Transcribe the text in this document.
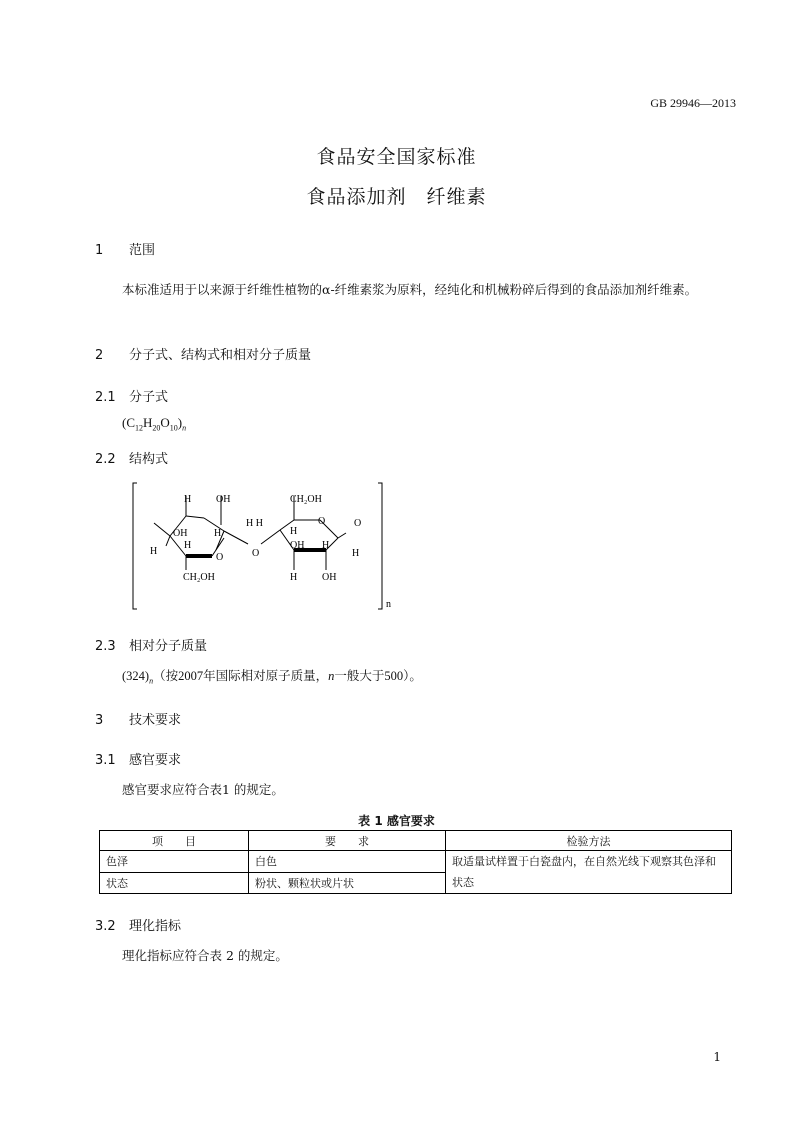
GB 29946—2013
食品安全国家标准
食品添加剂　纤维素
1 范围
本标准适用于以来源于纤维性植物的α-纤维素浆为原料，经纯化和机械粉碎后得到的食品添加剂纤维素。
2 分子式、结构式和相对分子质量
2.1 分子式
$(C_{12}H_{20}O_{10})_n$
2.2 结构式
n
H OH
OH	H
H
H
O
CH₂OH
H H
O
CH₂OH
O	O
H
OH H
H
H OH
2.3 相对分子质量
$(324)_n$（按2007年国际相对原子质量，n一般大于500）。
3 技术要求
3.1 感官要求
感官要求应符合表1 的规定。
表 1 感官要求
项　　目	要　　求	检验方法
色泽	白色	取适量试样置于白瓷盘内，在自然光线下观察其色泽和状态
状态	粉状、颗粒状或片状	
3.2 理化指标
理化指标应符合表 2 的规定。
1
